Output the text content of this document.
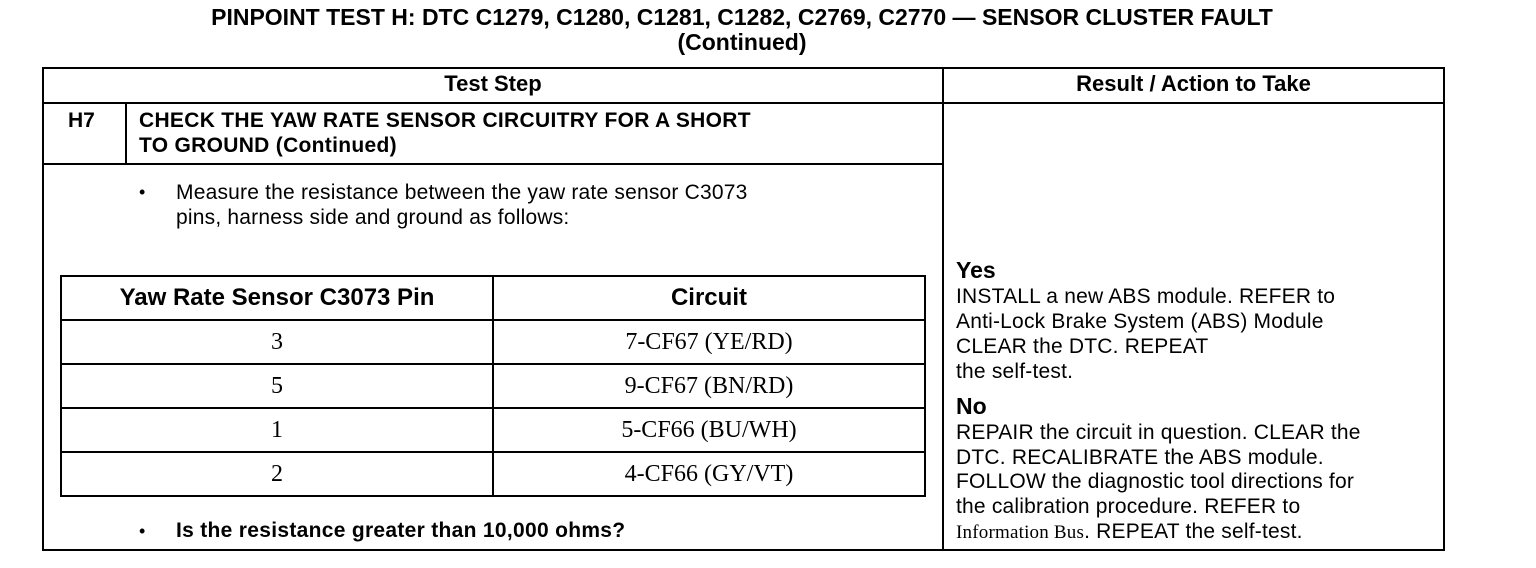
PINPOINT TEST H: DTC C1279, C1280, C1281, C1282, C2769, C2770 — SENSOR CLUSTER FAULT
(Continued)
Test Step	Result / Action to Take
H7 CHECK THE YAW RATE SENSOR CIRCUITRY FOR A SHORT
TO GROUND (Continued)
• Measure the resistance between the yaw rate sensor C3073
pins, harness side and ground as follows:
Yaw Rate Sensor C3073 Pin	Circuit
3	7-CF67 (YE/RD)
5	9-CF67 (BN/RD)
1	5-CF66 (BU/WH)
2	4-CF66 (GY/VT)
• Is the resistance greater than 10,000 ohms?
Yes
INSTALL a new ABS module. REFER to
Anti-Lock Brake System (ABS) Module
CLEAR the DTC. REPEAT
the self-test.
No
REPAIR the circuit in question. CLEAR the
DTC. RECALIBRATE the ABS module.
FOLLOW the diagnostic tool directions for
the calibration procedure. REFER to
Information Bus. REPEAT the self-test.
